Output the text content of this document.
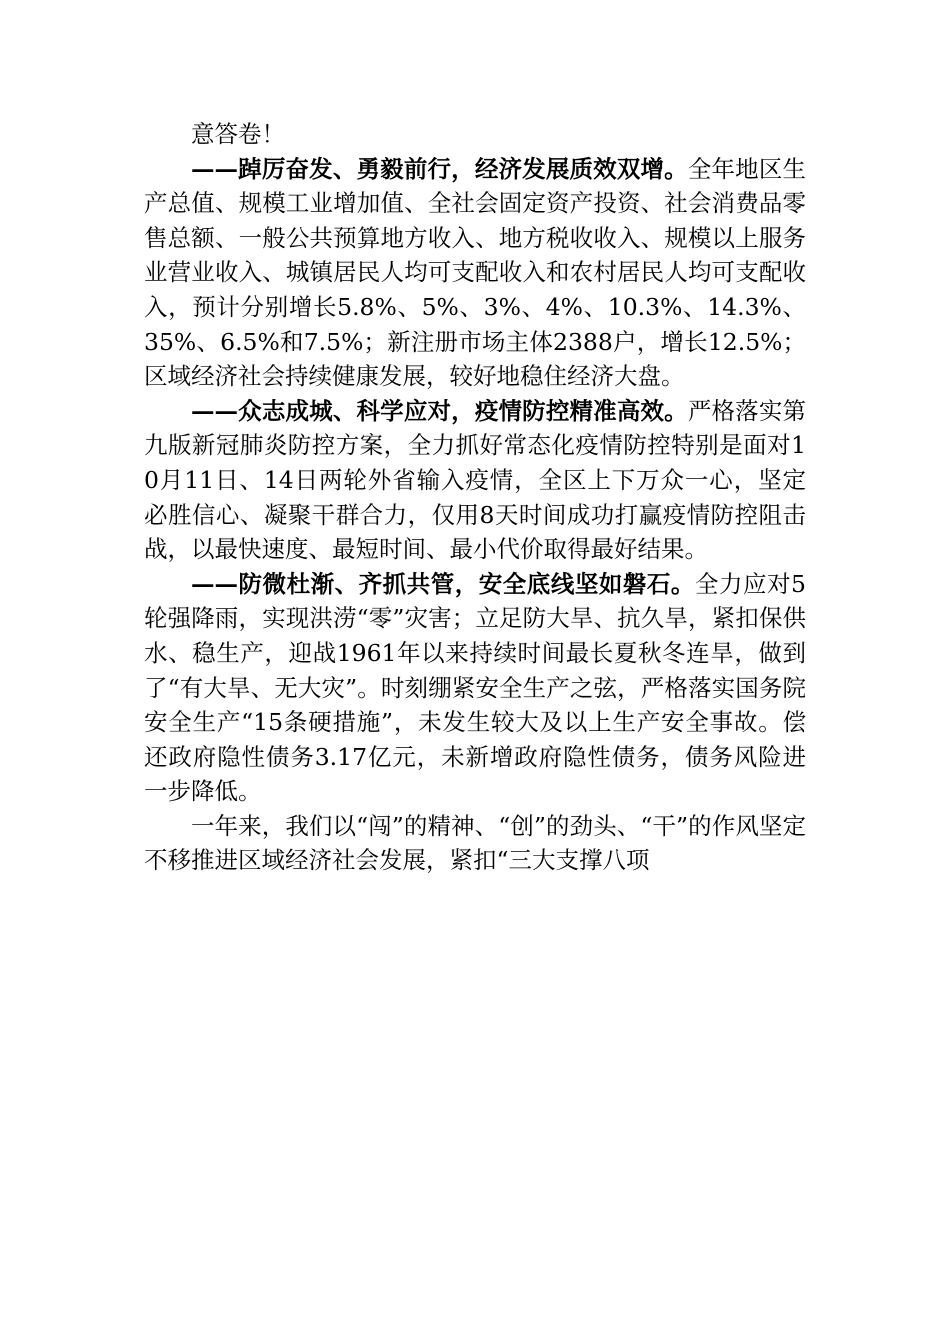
意答卷！

——踔厉奋发、勇毅前行，经济发展质效双增。全年地区生产总值、规模工业增加值、全社会固定资产投资、社会消费品零售总额、一般公共预算地方收入、地方税收收入、规模以上服务业营业收入、城镇居民人均可支配收入和农村居民人均可支配收入，预计分别增长5.8%、5%、3%、4%、10.3%、14.3%、35%、6.5%和7.5%；新注册市场主体2388户，增长12.5%；区域经济社会持续健康发展，较好地稳住经济大盘。

——众志成城、科学应对，疫情防控精准高效。严格落实第九版新冠肺炎防控方案，全力抓好常态化疫情防控特别是面对10月11日、14日两轮外省输入疫情，全区上下万众一心，坚定必胜信心、凝聚干群合力，仅用8天时间成功打赢疫情防控阻击战，以最快速度、最短时间、最小代价取得最好结果。

——防微杜渐、齐抓共管，安全底线坚如磐石。全力应对5轮强降雨，实现洪涝“零”灾害；立足防大旱、抗久旱，紧扣保供水、稳生产，迎战1961年以来持续时间最长夏秋冬连旱，做到了“有大旱、无大灾”。时刻绷紧安全生产之弦，严格落实国务院安全生产“15条硬措施”，未发生较大及以上生产安全事故。偿还政府隐性债务3.17亿元，未新增政府隐性债务，债务风险进一步降低。

一年来，我们以“闯”的精神、“创”的劲头、“干”的作风坚定不移推进区域经济社会发展，紧扣“三大支撑八项
